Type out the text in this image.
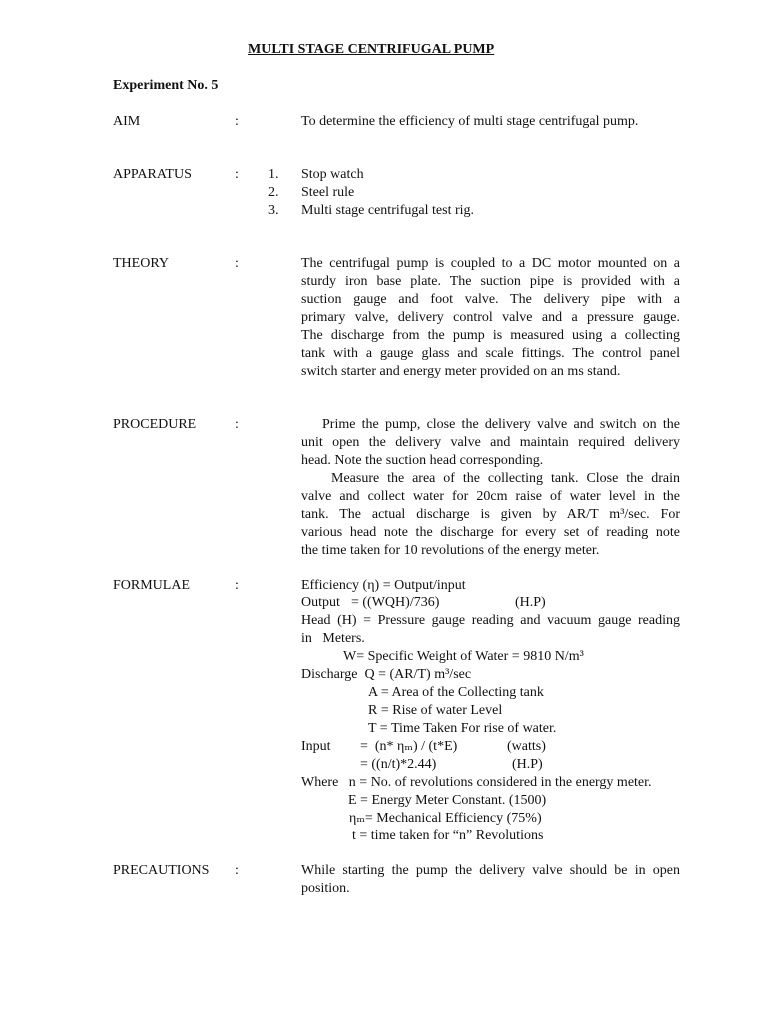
MULTI STAGE CENTRIFUGAL PUMP
Experiment No. 5
AIM	:	To determine the efficiency of multi stage centrifugal pump.
APPARATUS	: 1. Stop watch
2. Steel rule
3. Multi stage centrifugal test rig.
THEORY	:	The centrifugal pump is coupled to a DC motor mounted on a
sturdy iron base plate. The suction pipe is provided with a
suction gauge and foot valve. The delivery pipe with a
primary valve, delivery control valve and a pressure gauge.
The discharge from the pump is measured using a collecting
tank with a gauge glass and scale fittings. The control panel
switch starter and energy meter provided on an ms stand.
PROCEDURE	:	Prime the pump, close the delivery valve and switch on the
unit open the delivery valve and maintain required delivery
head. Note the suction head corresponding.
Measure the area of the collecting tank. Close the drain
valve and collect water for 20cm raise of water level in the
tank. The actual discharge is given by AR/T m³/sec. For
various head note the discharge for every set of reading note
the time taken for 10 revolutions of the energy meter.
FORMULAE	:	Efficiency (η) = Output/input
Output = ((WQH)/736)	(H.P)
Head (H) = Pressure gauge reading and vacuum gauge reading
in   Meters.
W= Specific Weight of Water = 9810 N/m³
Discharge  Q = (AR/T) m³/sec
A = Area of the Collecting tank
R = Rise of water Level
T = Time Taken For rise of water.
Input =  (n* ηₘ) / (t*E)	(watts)
= ((n/t)*2.44)	(H.P)
Where   n = No. of revolutions considered in the energy meter.
E = Energy Meter Constant. (1500)
ηₘ= Mechanical Efficiency (75%)
t = time taken for “n” Revolutions
PRECAUTIONS :	While starting the pump the delivery valve should be in open
position.
